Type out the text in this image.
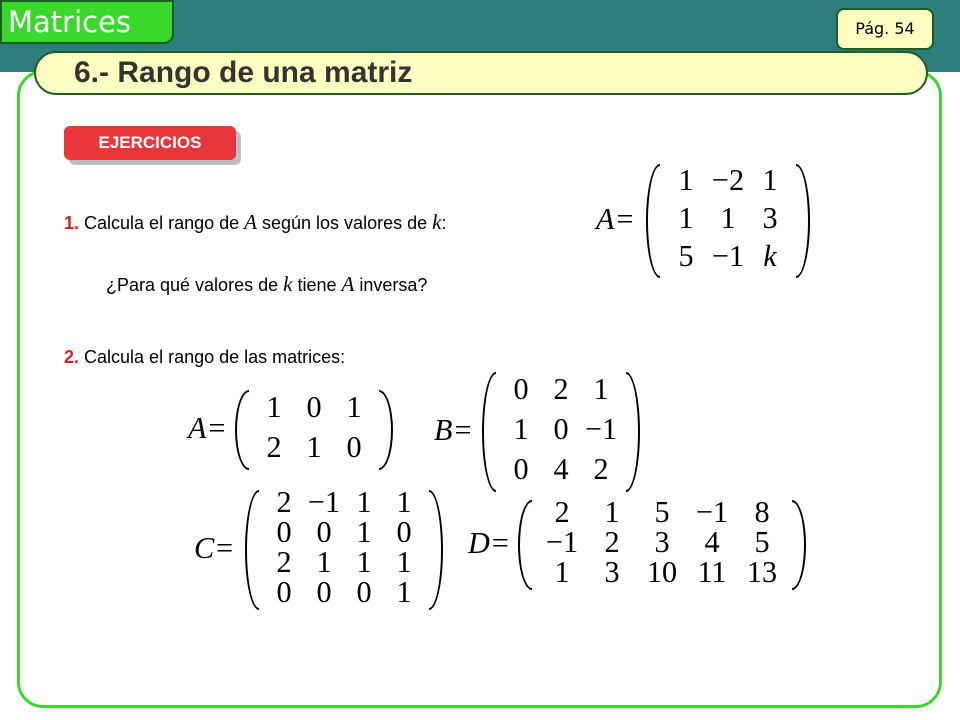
Matrices	Pág. 54
6.- Rango de una matriz
EJERCICIOS
1. Calcula el rango de A según los valores de k:
¿Para qué valores de k tiene A inversa?
2. Calcula el rango de las matrices:
A=
1 −2 1
1 1 3
5 −1 k
A=
1 0 1
2 1 0	B=
0 2 1
1 0 −1
0 4 2
C=
2 −1 1 1
0 0 1 0
2 1 1 1
0 0 0 1
D=
2	1	5 −1 8
−1 2	3	4	5
1	3 10 11 13
